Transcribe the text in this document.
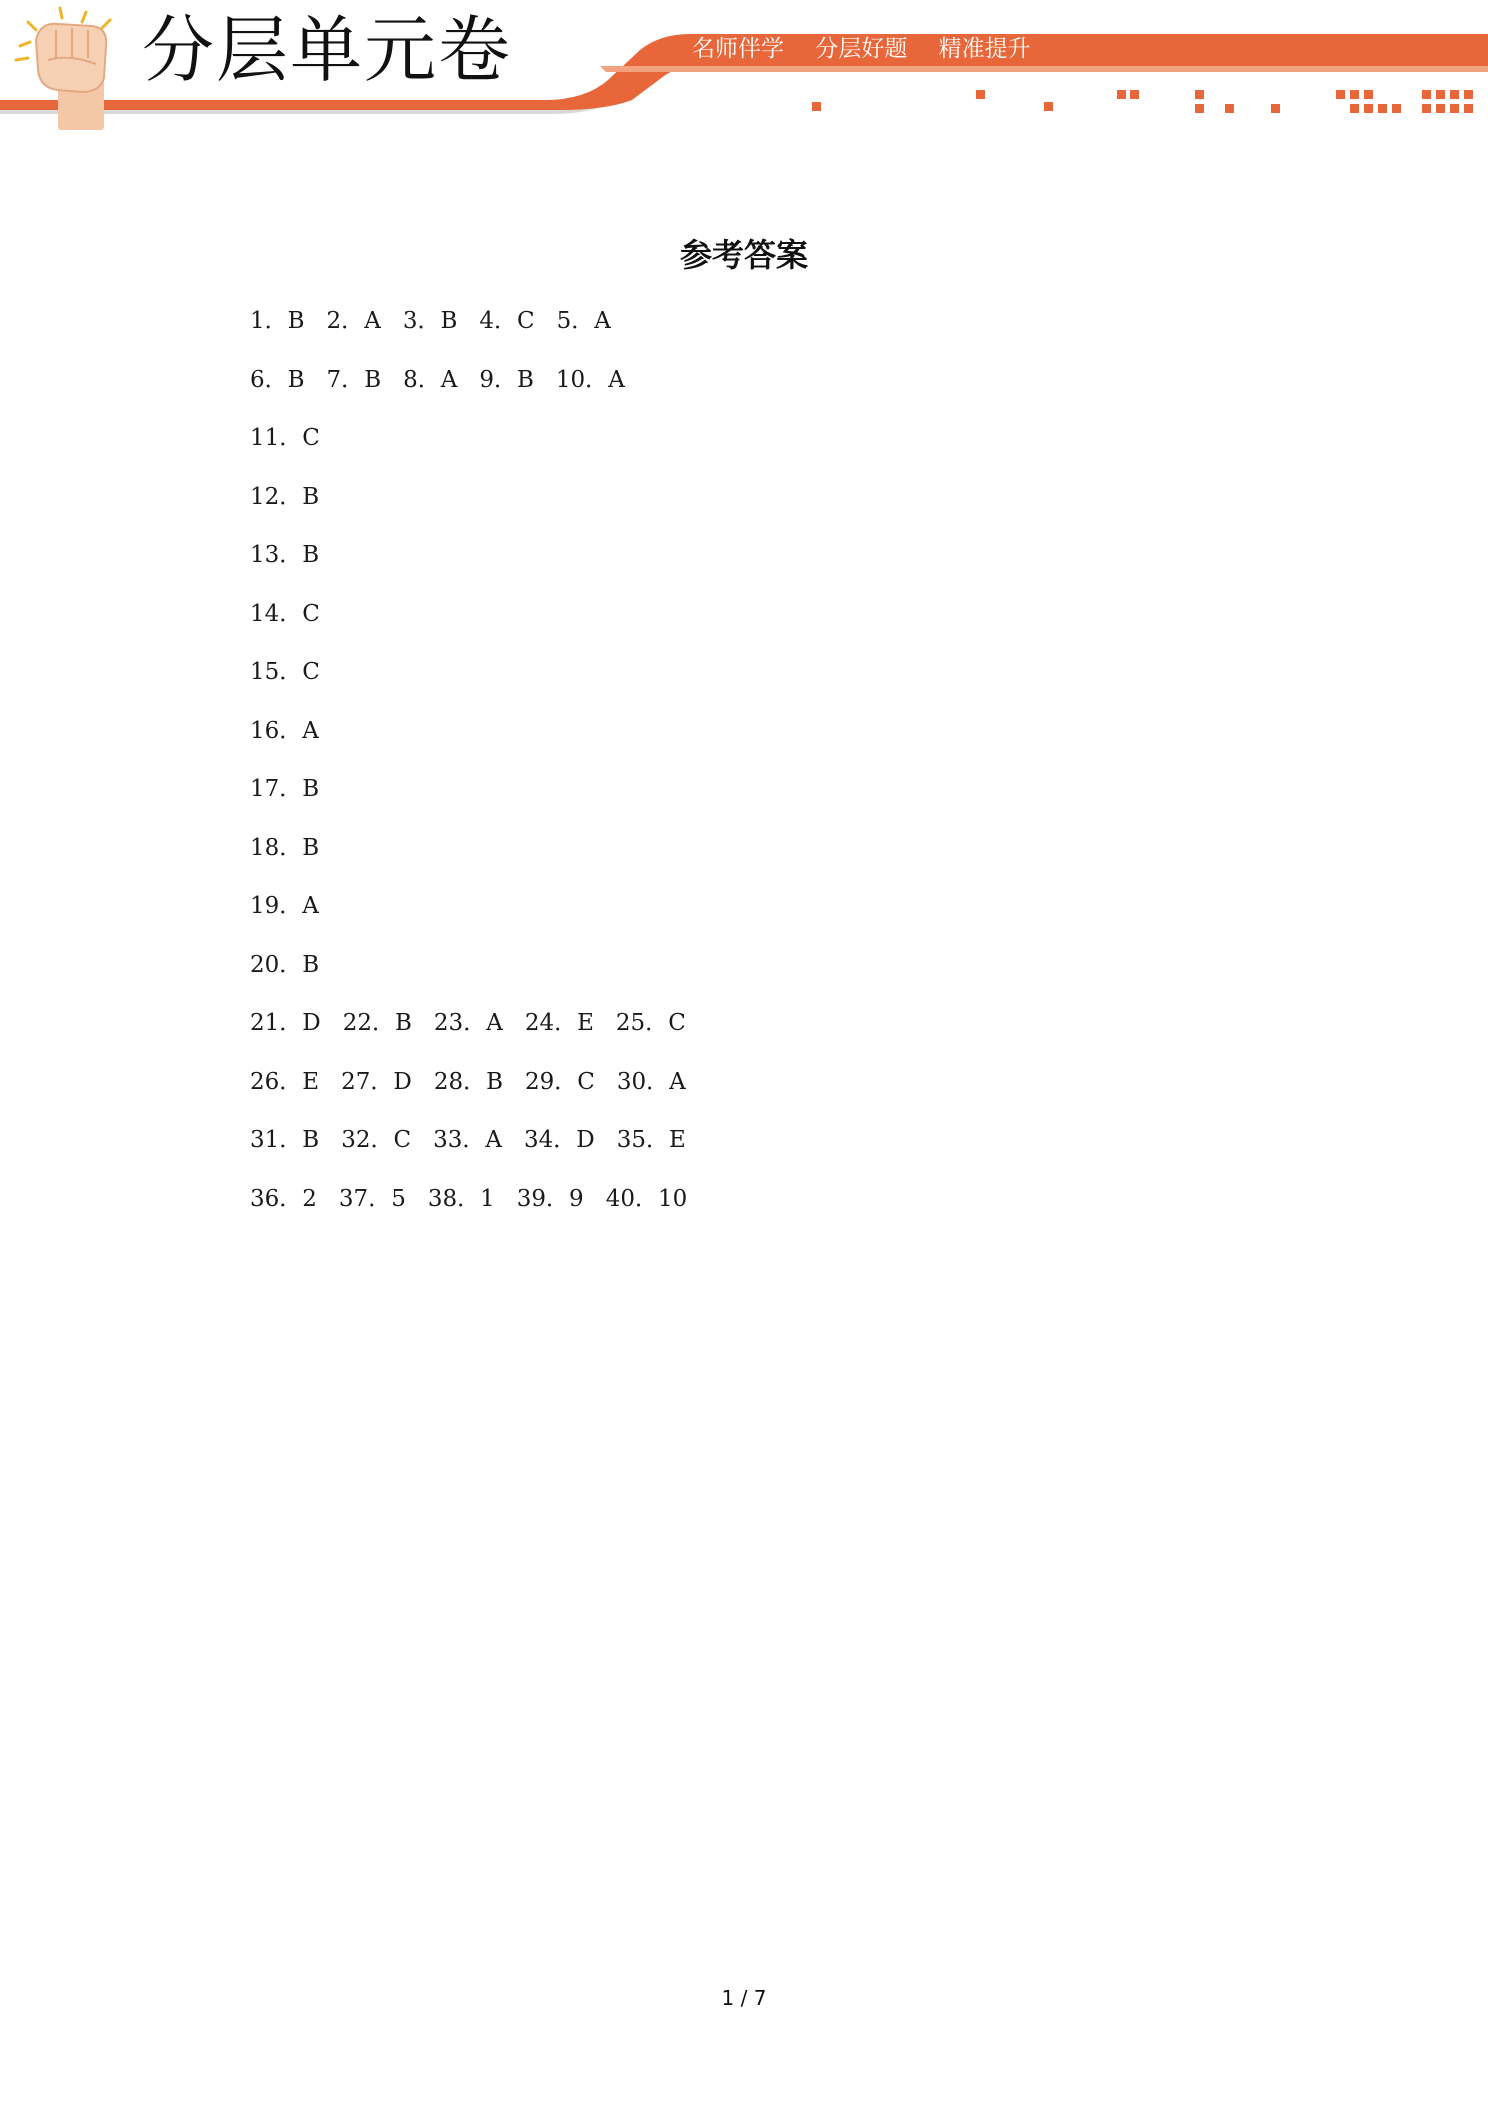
分层单元卷	名师伴学 分层好题 精准提升
参考答案
1．B 2．A 3．B 4．C 5．A
6．B 7．B 8．A 9．B 10．A
11．C
12．B
13．B
14．C
15．C
16．A
17．B
18．B
19．A
20．B
21．D 22．B 23．A 24．E 25．C
26．E 27．D 28．B 29．C 30．A
31．B 32．C 33．A 34．D 35．E
36．2 37．5 38．1 39．9 40．10
1 / 7
